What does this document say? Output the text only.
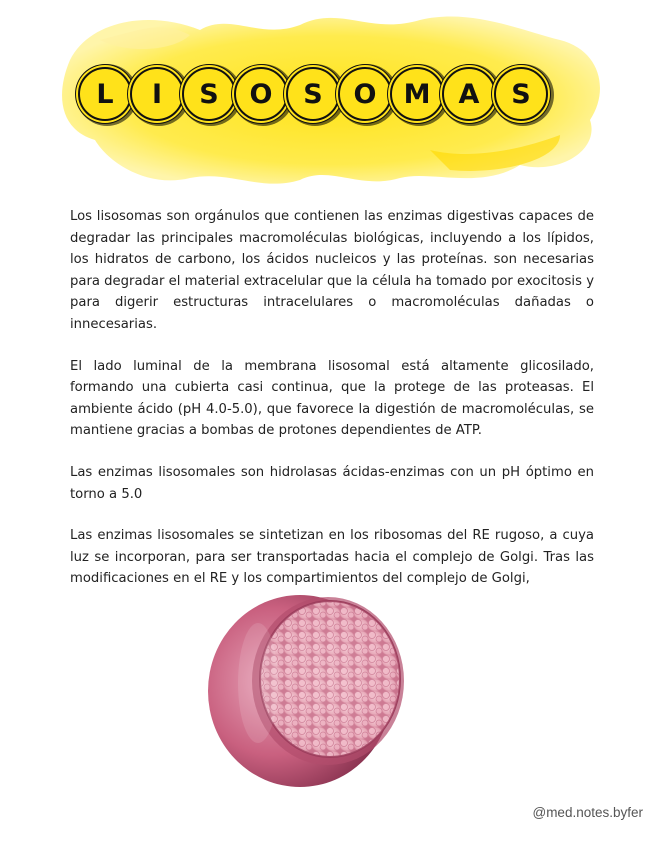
L	I	S	O	S	O	M	A	S

Los lisosomas son orgánulos que contienen las enzimas digestivas capaces de degradar las principales macromoléculas biológicas, incluyendo a los lípidos, los hidratos de carbono, los ácidos nucleicos y las proteínas. son necesarias para degradar el material extracelular que la célula ha tomado por exocitosis y para digerir estructuras intracelulares o macromoléculas dañadas o innecesarias.

El lado luminal de la membrana lisosomal está altamente glicosilado, formando una cubierta casi continua, que la protege de las proteasas. El ambiente ácido (pH 4.0-5.0), que favorece la digestión de macromoléculas, se mantiene gracias a bombas de protones dependientes de ATP.

Las enzimas lisosomales son hidrolasas ácidas-enzimas con un pH óptimo en torno a 5.0

Las enzimas lisosomales se sintetizan en los ribosomas del RE rugoso, a cuya luz se incorporan, para ser transportadas hacia el complejo de Golgi. Tras las modificaciones en el RE y los compartimientos del complejo de Golgi,

@med.notes.byfer
